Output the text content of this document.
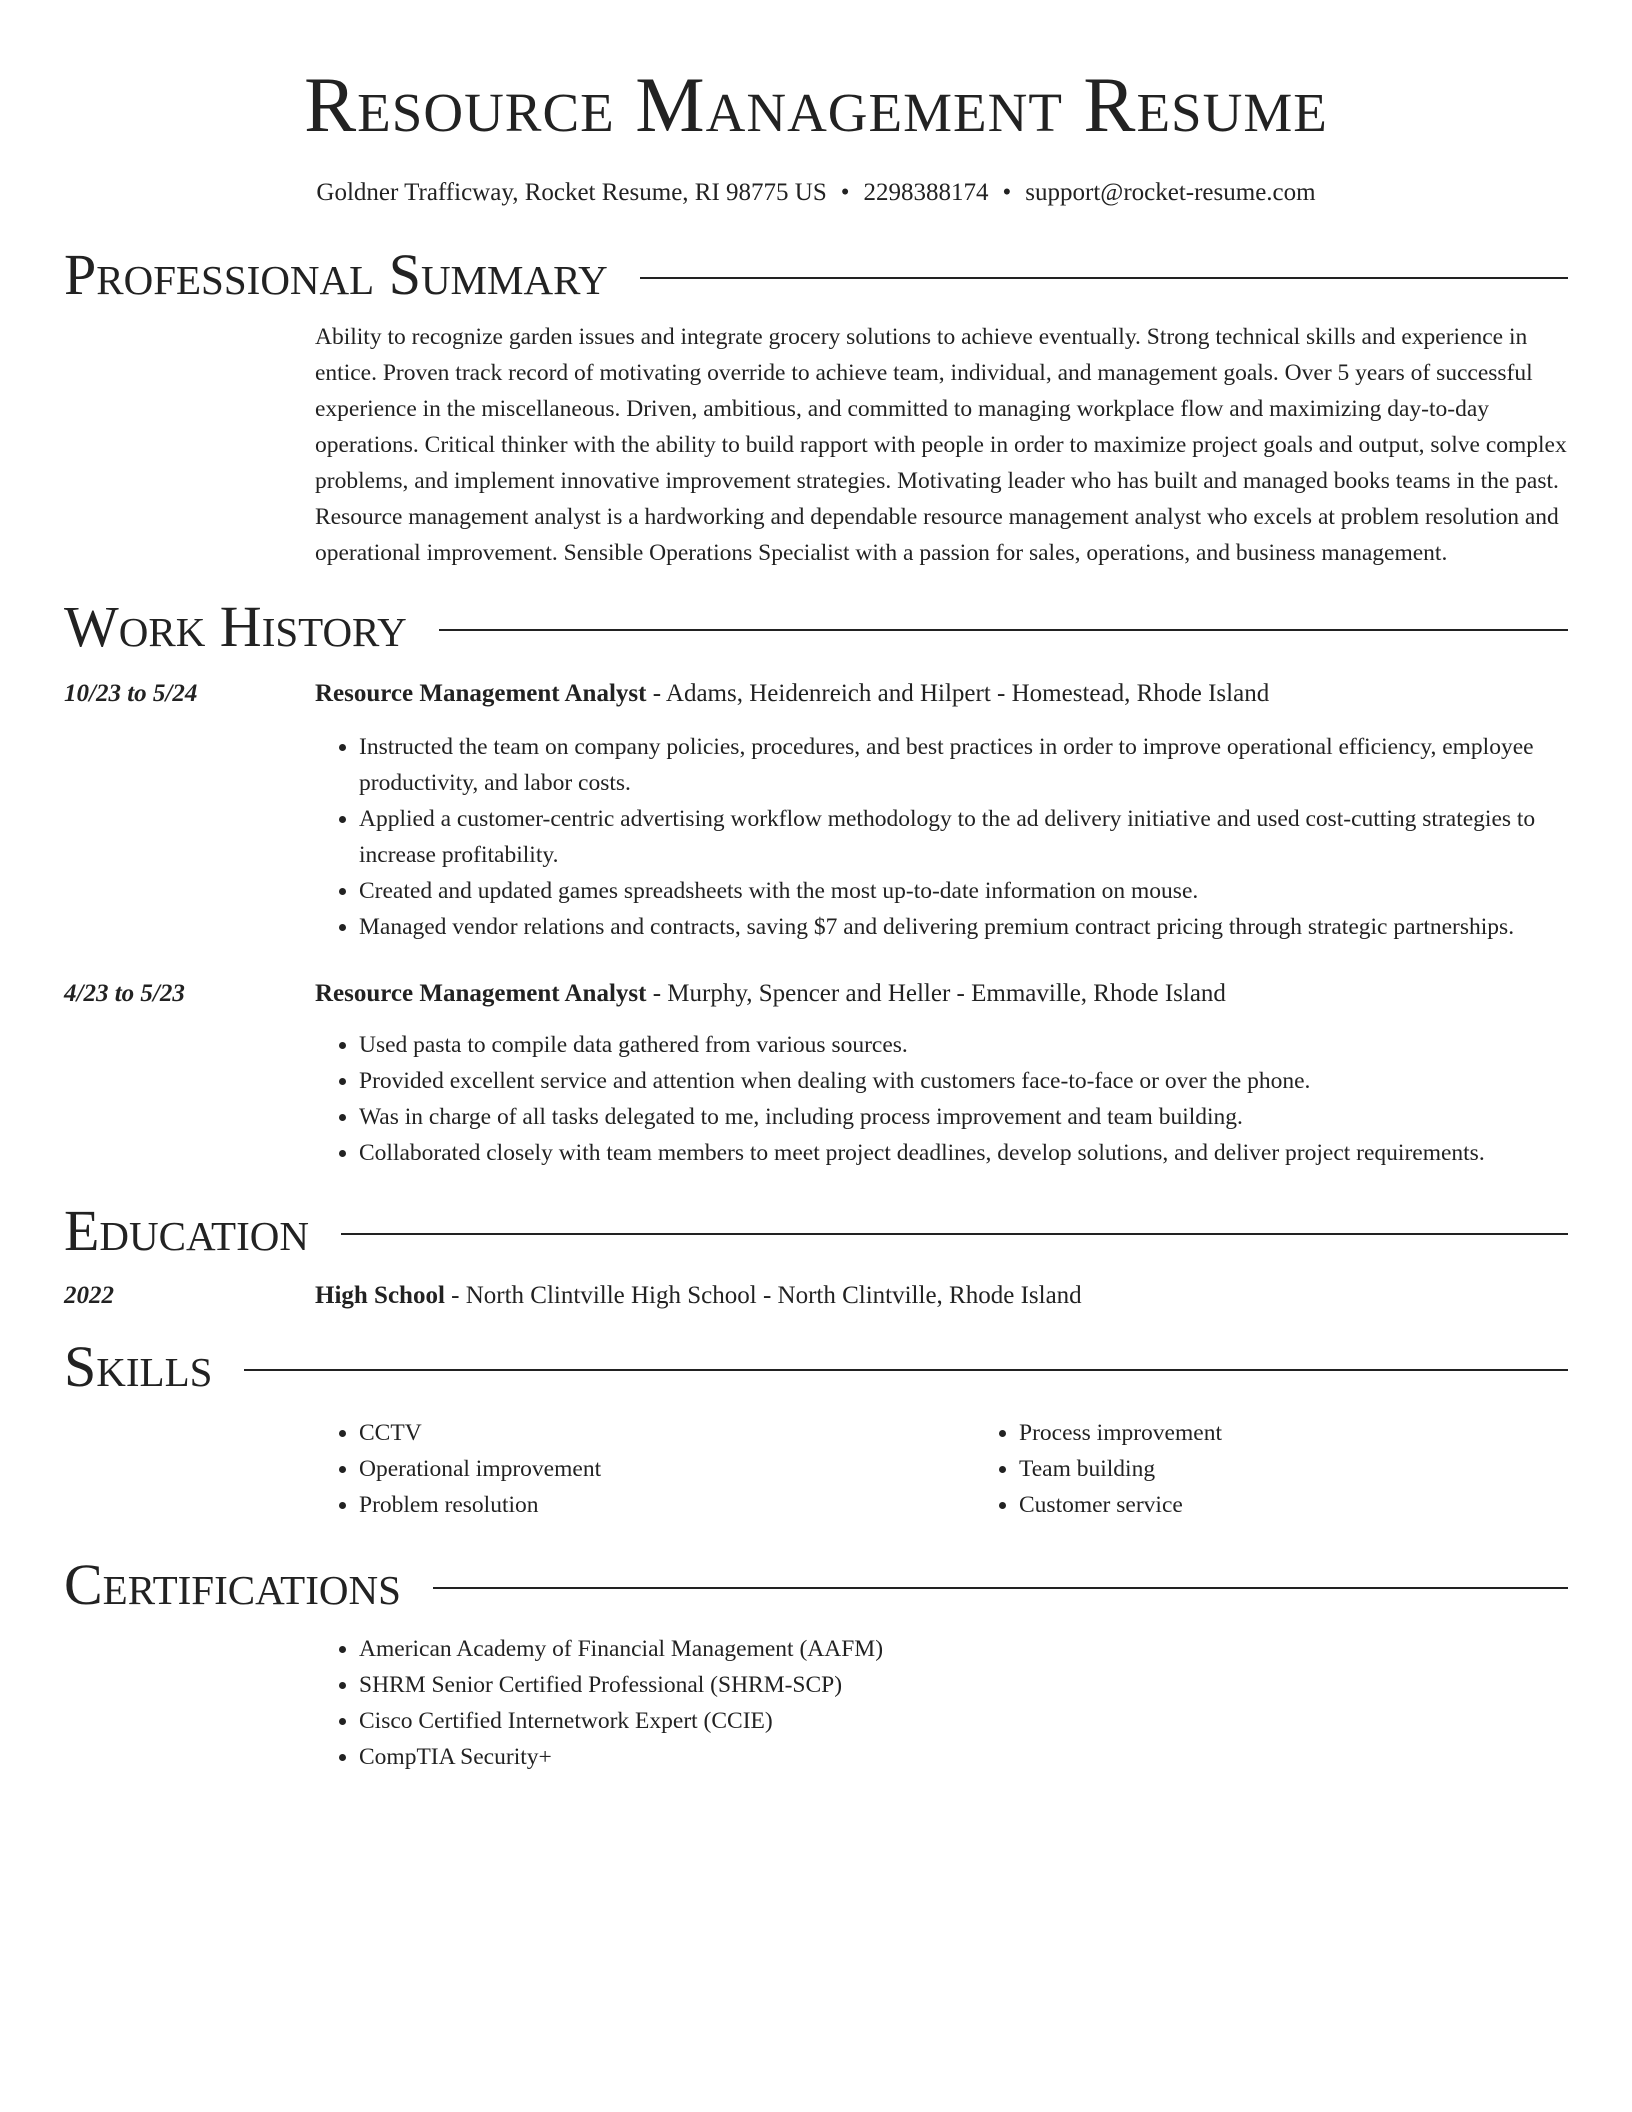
Resource Management Resume
Goldner Trafficway, Rocket Resume, RI 98775 US • 2298388174 • support@rocket-resume.com
Professional Summary
Ability to recognize garden issues and integrate grocery solutions to achieve eventually. Strong technical skills and experience in entice. Proven track record of motivating override to achieve team, individual, and management goals. Over 5 years of successful experience in the miscellaneous. Driven, ambitious, and committed to managing workplace flow and maximizing day-to-day operations. Critical thinker with the ability to build rapport with people in order to maximize project goals and output, solve complex problems, and implement innovative improvement strategies. Motivating leader who has built and managed books teams in the past. Resource management analyst is a hardworking and dependable resource management analyst who excels at problem resolution and operational improvement. Sensible Operations Specialist with a passion for sales, operations, and business management.
Work History
10/23 to 5/24	Resource Management Analyst - Adams, Heidenreich and Hilpert - Homestead, Rhode Island
• Instructed the team on company policies, procedures, and best practices in order to improve operational efficiency, employee productivity, and labor costs.
• Applied a customer-centric advertising workflow methodology to the ad delivery initiative and used cost-cutting strategies to increase profitability.
• Created and updated games spreadsheets with the most up-to-date information on mouse.
• Managed vendor relations and contracts, saving $7 and delivering premium contract pricing through strategic partnerships.
4/23 to 5/23	Resource Management Analyst - Murphy, Spencer and Heller - Emmaville, Rhode Island
• Used pasta to compile data gathered from various sources.
• Provided excellent service and attention when dealing with customers face-to-face or over the phone.
• Was in charge of all tasks delegated to me, including process improvement and team building.
• Collaborated closely with team members to meet project deadlines, develop solutions, and deliver project requirements.
Education
2022	High School - North Clintville High School - North Clintville, Rhode Island
Skills
• CCTV
• Operational improvement
• Problem resolution
• Process improvement
• Team building
• Customer service
Certifications
• American Academy of Financial Management (AAFM)
• SHRM Senior Certified Professional (SHRM-SCP)
• Cisco Certified Internetwork Expert (CCIE)
• CompTIA Security+
